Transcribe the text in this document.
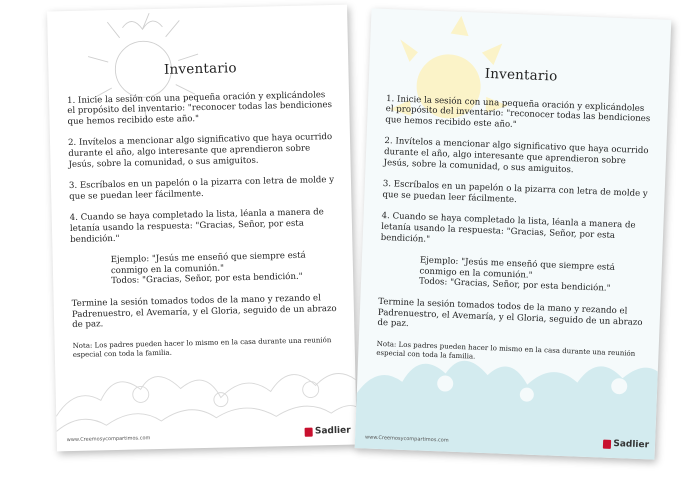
Inventario
1. Inicie la sesión con una pequeña oración y explicándoles el propósito del inventario: "reconocer todas las bendiciones que hemos recibido este año."
2. Invítelos a mencionar algo significativo que haya ocurrido durante el año, algo interesante que aprendieron sobre Jesús, sobre la comunidad, o sus amiguitos.
3. Escríbalos en un papelón o la pizarra con letra de molde y que se puedan leer fácilmente.
4. Cuando se haya completado la lista, léanla a manera de letanía usando la respuesta: "Gracias, Señor, por esta bendición."
Ejemplo: "Jesús me enseñó que siempre está conmigo en la comunión."
Todos: "Gracias, Señor, por esta bendición."
Termine la sesión tomados todos de la mano y rezando el Padrenuestro, el Avemaría, y el Gloria, seguido de un abrazo de paz.
Nota: Los padres pueden hacer lo mismo en la casa durante una reunión especial con toda la familia.
www.Creemosycompartimos.com
Sadlier
Inventario
1. Inicie la sesión con una pequeña oración y explicándoles el propósito del inventario: "reconocer todas las bendiciones que hemos recibido este año."
2. Invítelos a mencionar algo significativo que haya ocurrido durante el año, algo interesante que aprendieron sobre Jesús, sobre la comunidad, o sus amiguitos.
3. Escríbalos en un papelón o la pizarra con letra de molde y que se puedan leer fácilmente.
4. Cuando se haya completado la lista, léanla a manera de letanía usando la respuesta: "Gracias, Señor, por esta bendición."
Ejemplo: "Jesús me enseñó que siempre está conmigo en la comunión."
Todos: "Gracias, Señor, por esta bendición."
Termine la sesión tomados todos de la mano y rezando el Padrenuestro, el Avemaría, y el Gloria, seguido de un abrazo de paz.
Nota: Los padres pueden hacer lo mismo en la casa durante una reunión especial con toda la familia.
www.Creemosycompartimos.com	Sadlier
